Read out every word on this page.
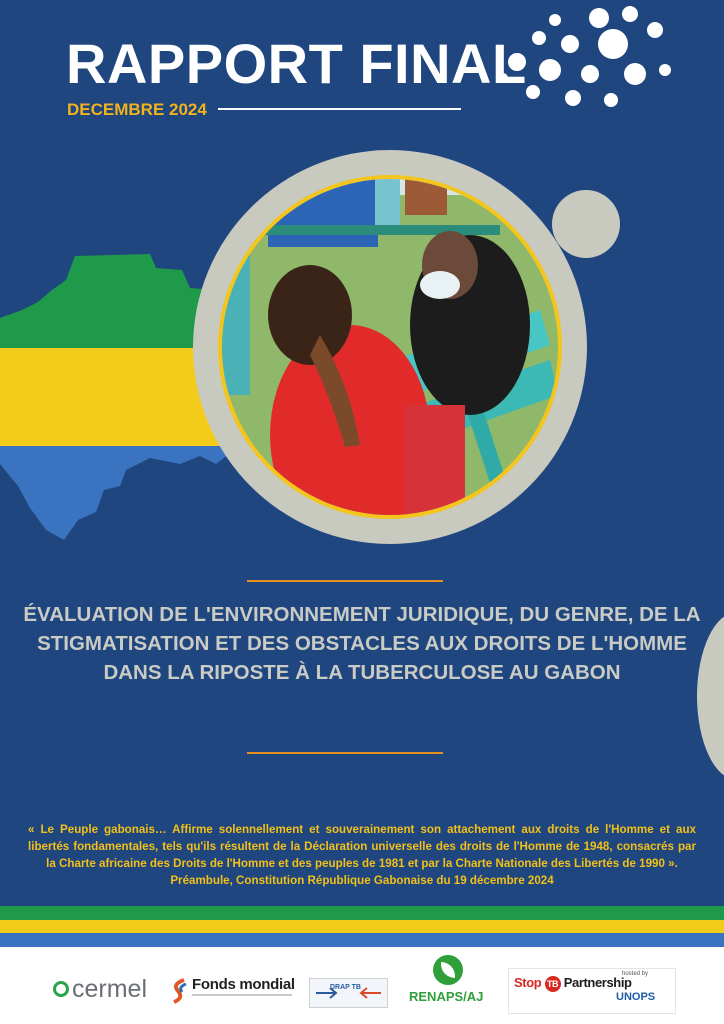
RAPPORT FINAL
DECEMBRE 2024
ÉVALUATION DE L'ENVIRONNEMENT JURIDIQUE, DU GENRE, DE LA STIGMATISATION ET DES OBSTACLES AUX DROITS DE L'HOMME DANS LA RIPOSTE À LA TUBERCULOSE AU GABON
« Le Peuple gabonais… Affirme solennellement et souverainement son attachement aux droits de l'Homme et aux libertés fondamentales, tels qu'ils résultent de la Déclaration universelle des droits de l'Homme de 1948, consacrés par la Charte africaine des Droits de l'Homme et des peuples de 1981 et par la Charte Nationale des Libertés de 1990 ».
Préambule, Constitution République Gabonaise du 19 décembre 2024
cermel	Fonds mondial	DRAP TB
RENAPS/AJ
Stop TB Partnership
hosted by
UNOPS
